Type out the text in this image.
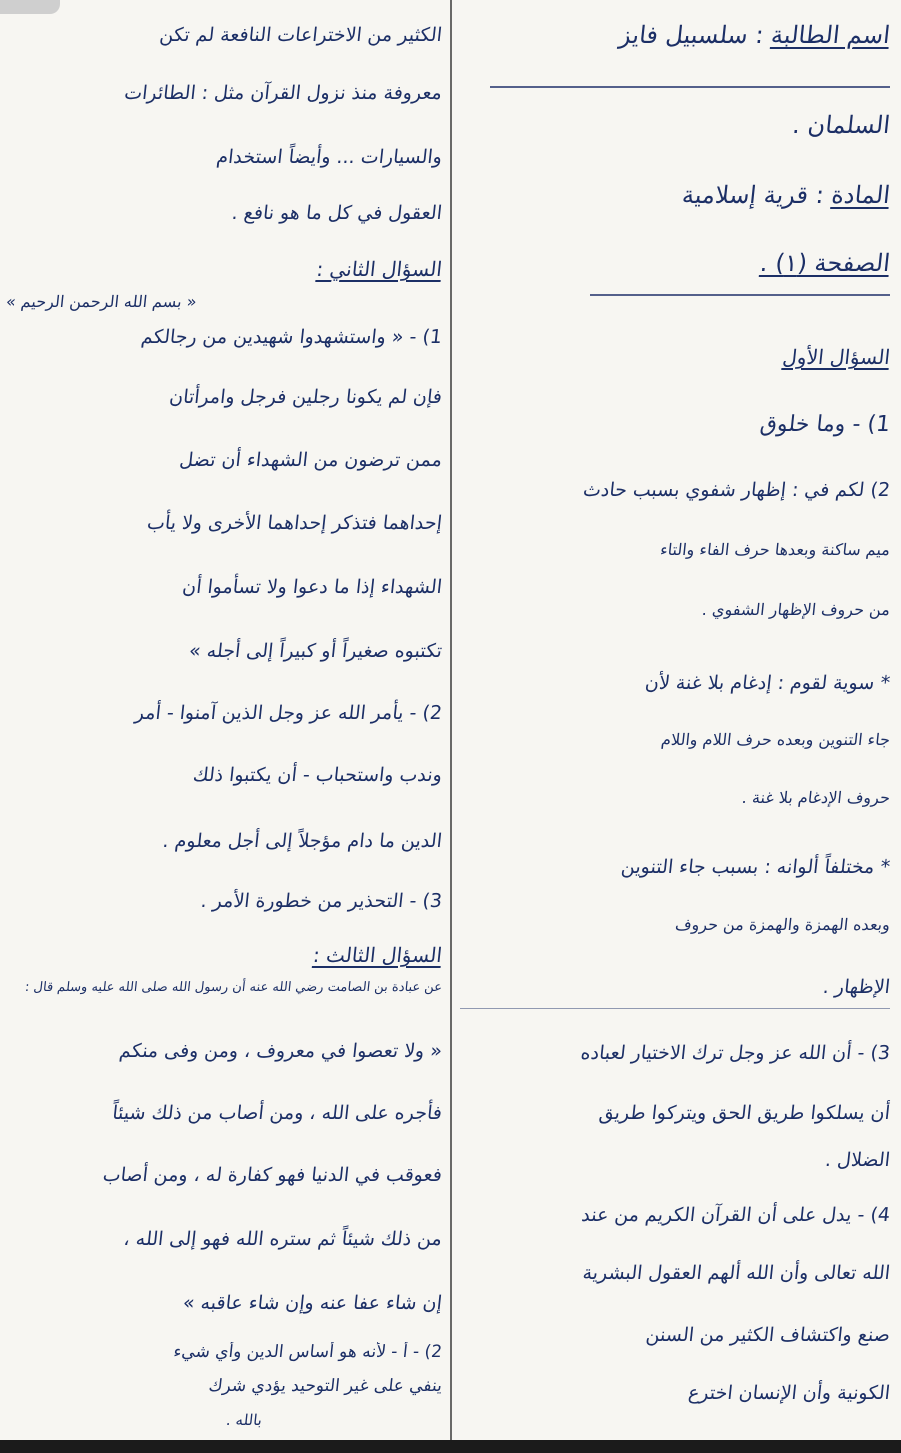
اسم الطالبة : سلسبيل فايز
السلمان .
المادة : قرية إسلامية
الصفحة (١) .
السؤال الأول
1) - وما خلوق
2) لكم في : إظهار شفوي بسبب حادث
ميم ساكنة وبعدها حرف الفاء والتاء
من حروف الإظهار الشفوي .
* سوية لقوم : إدغام بلا غنة لأن
جاء التنوين وبعده حرف اللام واللام
حروف الإدغام بلا غنة .
* مختلفاً ألوانه : بسبب جاء التنوين
وبعده الهمزة والهمزة من حروف
الإظهار .
3) - أن الله عز وجل ترك الاختيار لعباده
أن يسلكوا طريق الحق ويتركوا طريق
الضلال .
4) - يدل على أن القرآن الكريم من عند
الله تعالى وأن الله ألهم العقول البشرية
صنع واكتشاف الكثير من السنن
الكونية وأن الإنسان اخترع
الكثير من الاختراعات النافعة لم تكن
معروفة منذ نزول القرآن مثل : الطائرات
والسيارات ... وأيضاً استخدام
العقول في كل ما هو نافع .
السؤال الثاني :
« بسم الله الرحمن الرحيم »
1) - « واستشهدوا شهيدين من رجالكم
فإن لم يكونا رجلين فرجل وامرأتان
ممن ترضون من الشهداء أن تضل
إحداهما فتذكر إحداهما الأخرى ولا يأب
الشهداء إذا ما دعوا ولا تسأموا أن
تكتبوه صغيراً أو كبيراً إلى أجله »
2) - يأمر الله عز وجل الذين آمنوا - أمر
وندب واستحباب - أن يكتبوا ذلك
الدين ما دام مؤجلاً إلى أجل معلوم .
3) - التحذير من خطورة الأمر .
السؤال الثالث :
عن عبادة بن الصامت رضي الله عنه أن رسول الله صلى الله عليه وسلم قال :
« ولا تعصوا في معروف ، ومن وفى منكم
فأجره على الله ، ومن أصاب من ذلك شيئاً
فعوقب في الدنيا فهو كفارة له ، ومن أصاب
من ذلك شيئاً ثم ستره الله فهو إلى الله ،
إن شاء عفا عنه وإن شاء عاقبه »
2) - أ - لأنه هو أساس الدين وأي شيء
ينفي على غير التوحيد يؤدي شرك
بالله .
